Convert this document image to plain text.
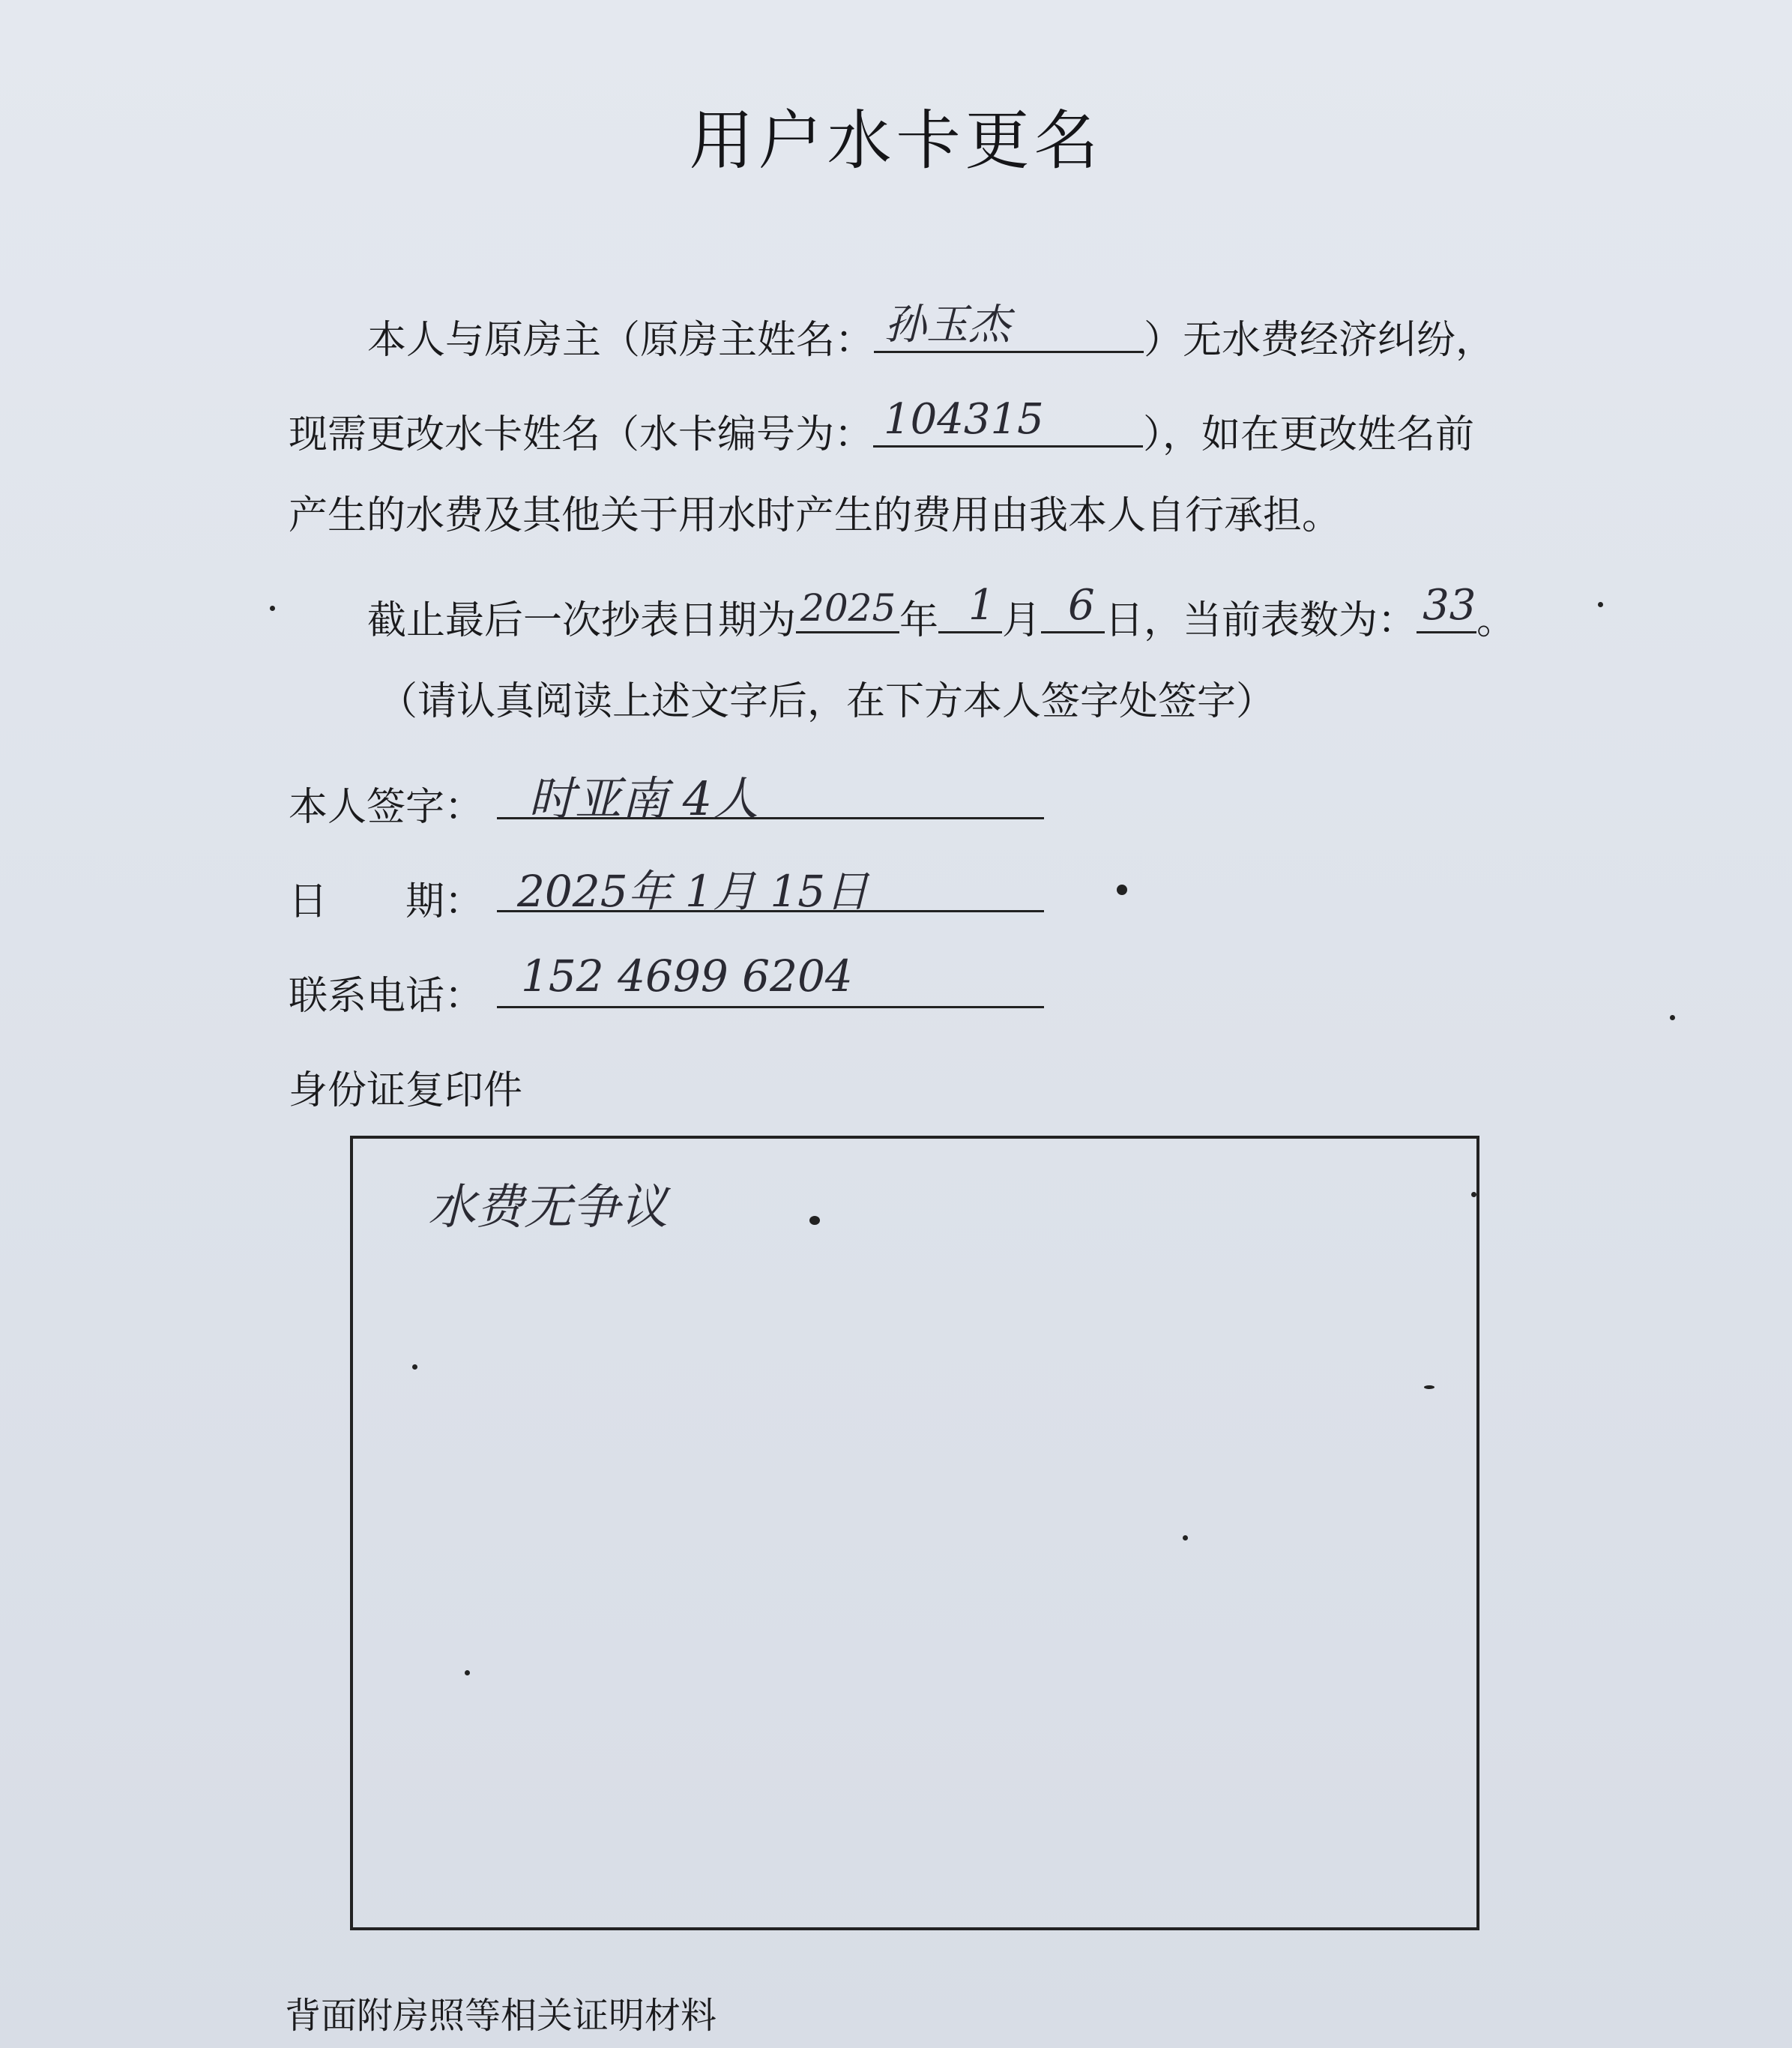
用户水卡更名
本人与原房主（原房主姓名： 孙玉杰	）无水费经济纠纷，
现需更改水卡姓名（水卡编号为： 104315	），如在更改姓名前
产生的水费及其他关于用水时产生的费用由我本人自行承担。
截止最后一次抄表日期为 2025 年 1 月 6 日，当前表数为： 33 。
（请认真阅读上述文字后，在下方本人签字处签字）
本人签字： 时亚南 4人
日　　期： 2025年 1月 15日
联系电话： 152 4699 6204
身份证复印件
水费无争议
背面附房照等相关证明材料
